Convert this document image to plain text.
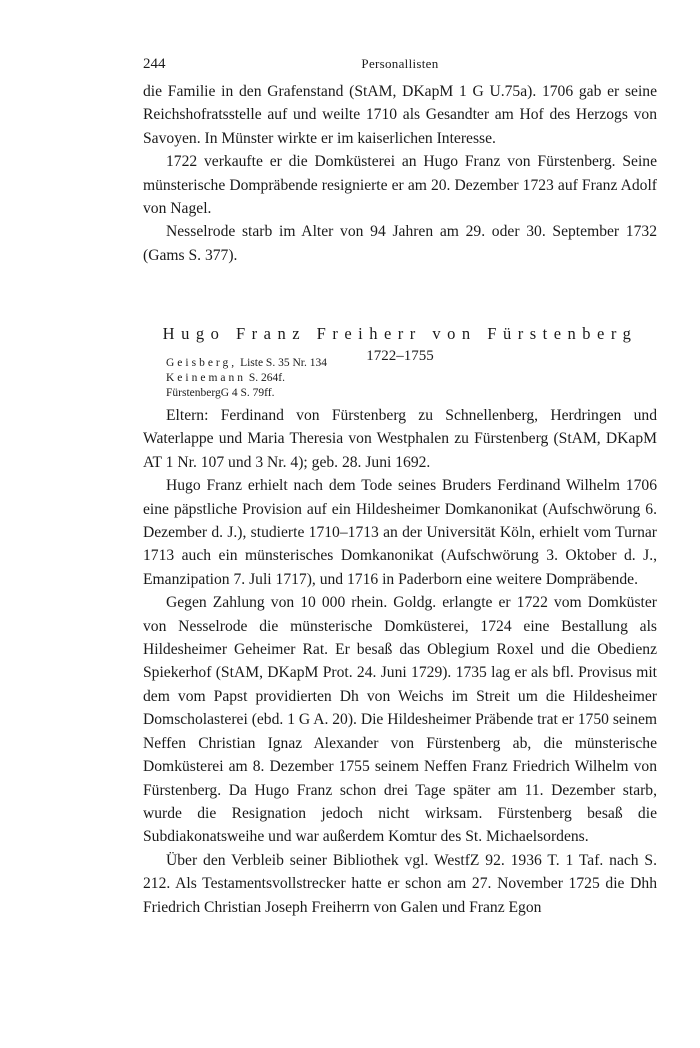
244	Personallisten

die Familie in den Grafenstand (StAM, DKapM 1 G U.75a). 1706 gab er seine Reichshofratsstelle auf und weilte 1710 als Gesandter am Hof des Herzogs von Savoyen. In Münster wirkte er im kaiserlichen Interesse.

1722 verkaufte er die Domküsterei an Hugo Franz von Fürstenberg. Seine münsterische Dompräbende resignierte er am 20. Dezember 1723 auf Franz Adolf von Nagel.

Nesselrode starb im Alter von 94 Jahren am 29. oder 30. September 1732 (Gams S. 377).

Hugo Franz Freiherr von Fürstenberg
1722–1755
Geisberg, Liste S. 35 Nr. 134
Keinemann S. 264f.
FürstenbergG 4 S. 79ff.

Eltern: Ferdinand von Fürstenberg zu Schnellenberg, Herdringen und Waterlappe und Maria Theresia von Westphalen zu Fürstenberg (StAM, DKapM AT 1 Nr. 107 und 3 Nr. 4); geb. 28. Juni 1692.

Hugo Franz erhielt nach dem Tode seines Bruders Ferdinand Wilhelm 1706 eine päpstliche Provision auf ein Hildesheimer Domkanonikat (Aufschwörung 6. Dezember d. J.), studierte 1710–1713 an der Universität Köln, erhielt vom Turnar 1713 auch ein münsterisches Domkanonikat (Aufschwörung 3. Oktober d. J., Emanzipation 7. Juli 1717), und 1716 in Paderborn eine weitere Dompräbende.

Gegen Zahlung von 10 000 rhein. Goldg. erlangte er 1722 vom Domküster von Nesselrode die münsterische Domküsterei, 1724 eine Bestallung als Hildesheimer Geheimer Rat. Er besaß das Oblegium Roxel und die Obedienz Spiekerhof (StAM, DKapM Prot. 24. Juni 1729). 1735 lag er als bfl. Provisus mit dem vom Papst providierten Dh von Weichs im Streit um die Hildesheimer Domscholasterei (ebd. 1 G A. 20). Die Hildesheimer Präbende trat er 1750 seinem Neffen Christian Ignaz Alexander von Fürstenberg ab, die münsterische Domküsterei am 8. Dezember 1755 seinem Neffen Franz Friedrich Wilhelm von Fürstenberg. Da Hugo Franz schon drei Tage später am 11. Dezember starb, wurde die Resignation jedoch nicht wirksam. Fürstenberg besaß die Subdiakonatsweihe und war außerdem Komtur des St. Michaelsordens.

Über den Verbleib seiner Bibliothek vgl. WestfZ 92. 1936 T. 1 Taf. nach S. 212. Als Testamentsvollstrecker hatte er schon am 27. November 1725 die Dhh Friedrich Christian Joseph Freiherrn von Galen und Franz Egon
